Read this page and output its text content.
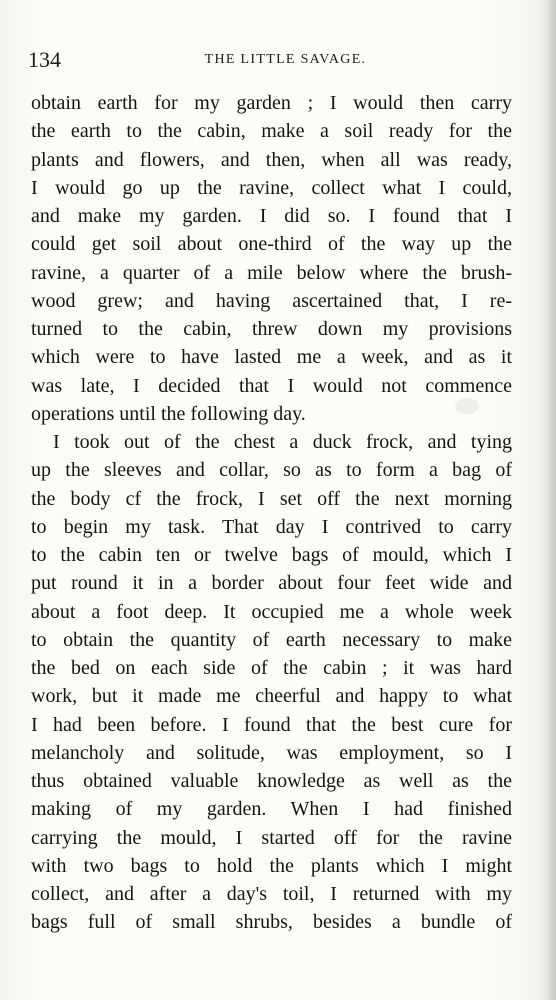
134	THE LITTLE SAVAGE.
obtain earth for my garden ; I would then carry
the earth to the cabin, make a soil ready for the
plants and flowers, and then, when all was ready,
I would go up the ravine, collect what I could,
and make my garden. I did so. I found that I
could get soil about one-third of the way up the
ravine, a quarter of a mile below where the brush-
wood grew; and having ascertained that, I re-
turned to the cabin, threw down my provisions
which were to have lasted me a week, and as it
was late, I decided that I would not commence
operations until the following day.
I took out of the chest a duck frock, and tying
up the sleeves and collar, so as to form a bag of
the body cf the frock, I set off the next morning
to begin my task. That day I contrived to carry
to the cabin ten or twelve bags of mould, which I
put round it in a border about four feet wide and
about a foot deep. It occupied me a whole week
to obtain the quantity of earth necessary to make
the bed on each side of the cabin ; it was hard
work, but it made me cheerful and happy to what
I had been before. I found that the best cure for
melancholy and solitude, was employment, so I
thus obtained valuable knowledge as well as the
making of my garden. When I had finished
carrying the mould, I started off for the ravine
with two bags to hold the plants which I might
collect, and after a day's toil, I returned with my
bags full of small shrubs, besides a bundle of
